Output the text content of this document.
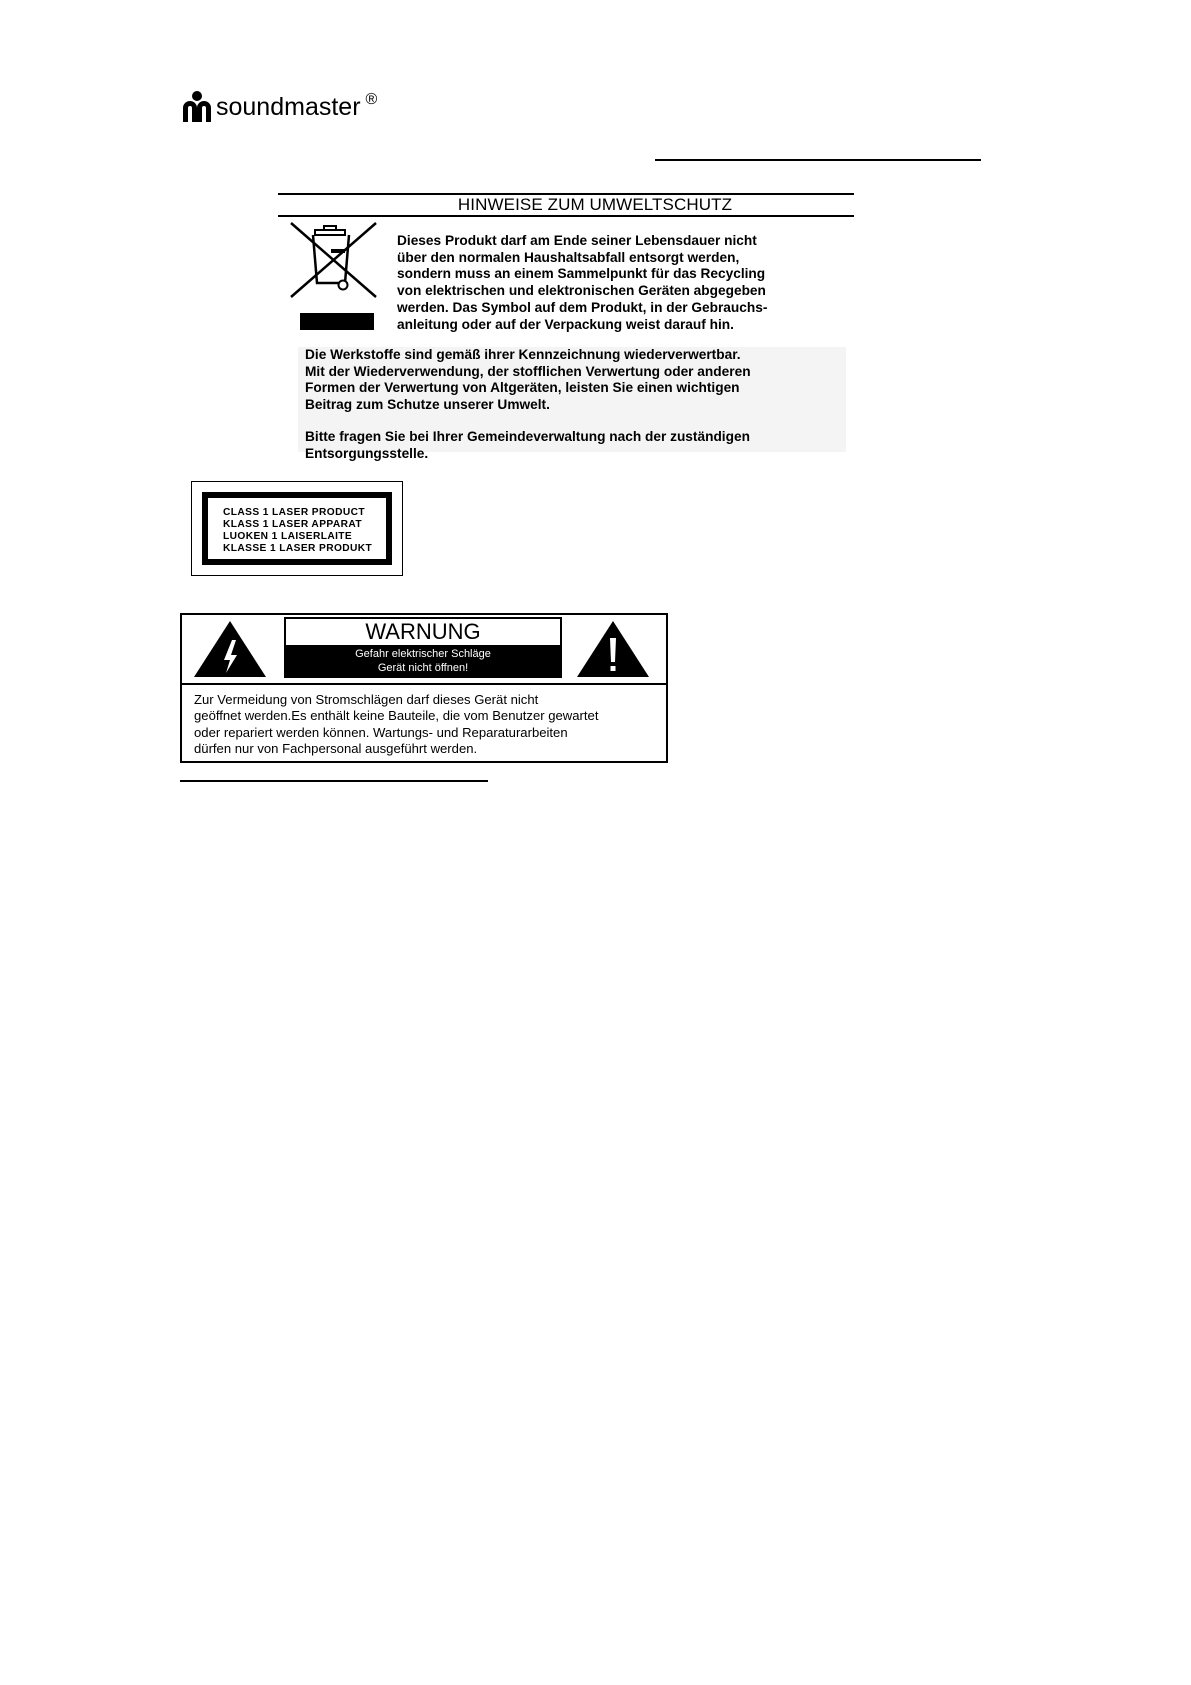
soundmaster ®
HINWEISE ZUM UMWELTSCHUTZ
Dieses Produkt darf am Ende seiner Lebensdauer nicht
über den normalen Haushaltsabfall entsorgt werden,
sondern muss an einem Sammelpunkt für das Recycling
von elektrischen und elektronischen Geräten abgegeben
werden. Das Symbol auf dem Produkt, in der Gebrauchs-
anleitung oder auf der Verpackung weist darauf hin.
Die Werkstoffe sind gemäß ihrer Kennzeichnung wiederverwertbar.
Mit der Wiederverwendung, der stofflichen Verwertung oder anderen
Formen der Verwertung von Altgeräten, leisten Sie einen wichtigen
Beitrag zum Schutze unserer Umwelt.
Bitte fragen Sie bei Ihrer Gemeindeverwaltung nach der zuständigen
Entsorgungsstelle.
CLASS 1 LASER PRODUCT
KLASS 1 LASER APPARAT
LUOKEN 1 LAISERLAITE
KLASSE 1 LASER PRODUKT
WARNUNG
Gefahr elektrischer Schläge
Gerät nicht öffnen!
Zur Vermeidung von Stromschlägen darf dieses Gerät nicht
geöffnet werden.Es enthält keine Bauteile, die vom Benutzer gewartet
oder repariert werden können. Wartungs- und Reparaturarbeiten
dürfen nur von Fachpersonal ausgeführt werden.
